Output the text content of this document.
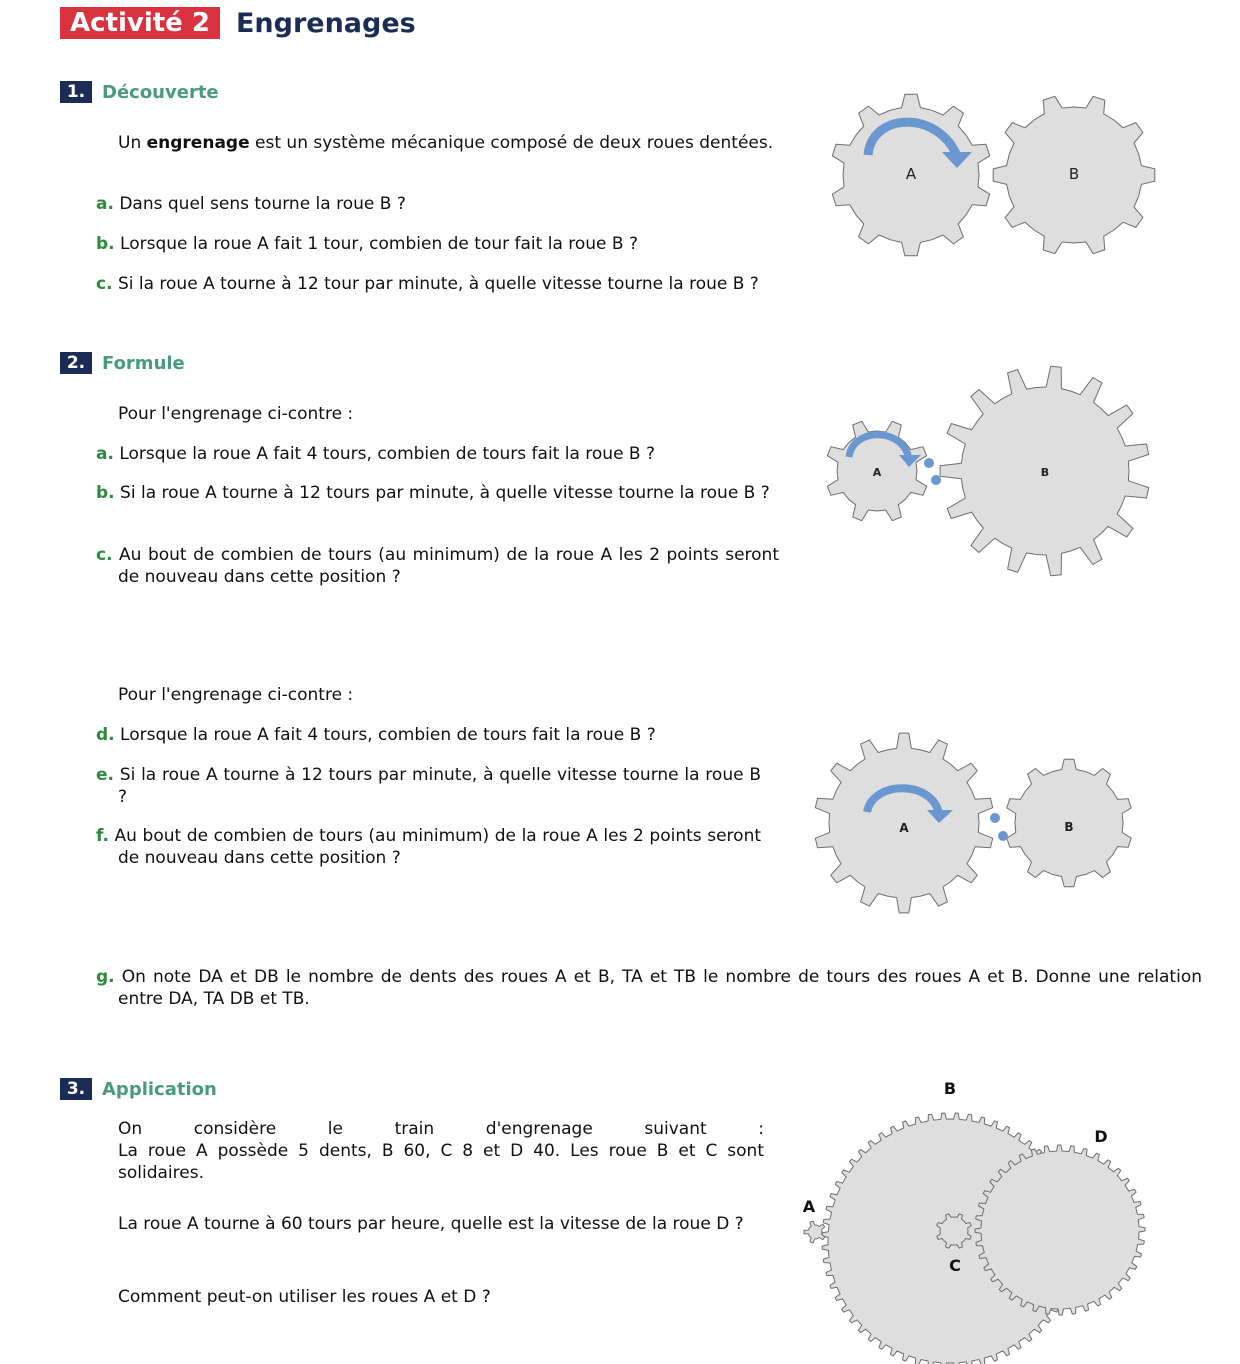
Activité 2 Engrenages
1. Découverte
Un engrenage est un système mécanique composé de deux roues dentées.
a. Dans quel sens tourne la roue B ?
b. Lorsque la roue A fait 1 tour, combien de tour fait la roue B ?
c. Si la roue A tourne à 12 tour par minute, à quelle vitesse tourne la roue B ?
A	B
2. Formule
Pour l'engrenage ci-contre :
a. Lorsque la roue A fait 4 tours, combien de tours fait la roue B ?
b. Si la roue A tourne à 12 tours par minute, à quelle vitesse tourne la roue B ?
c. Au bout de combien de tours (au minimum) de la roue A les 2 points seront de nouveau dans cette position ?
A	B
Pour l'engrenage ci-contre :
d. Lorsque la roue A fait 4 tours, combien de tours fait la roue B ?
e. Si la roue A tourne à 12 tours par minute, à quelle vitesse tourne la roue B ?
f. Au bout de combien de tours (au minimum) de la roue A les 2 points seront de nouveau dans cette position ?
A	B
g. On note DA et DB le nombre de dents des roues A et B, TA et TB le nombre de tours des roues A et B. Donne une relation entre DA, TA DB et TB.
3. Application
On considère le train d'engrenage suivant :
La roue A possède 5 dents, B 60, C 8 et D 40. Les roue B et C sont solidaires.
La roue A tourne à 60 tours par heure, quelle est la vitesse de la roue D ?
Comment peut-on utiliser les roues A et D ?
B
D
A
C
